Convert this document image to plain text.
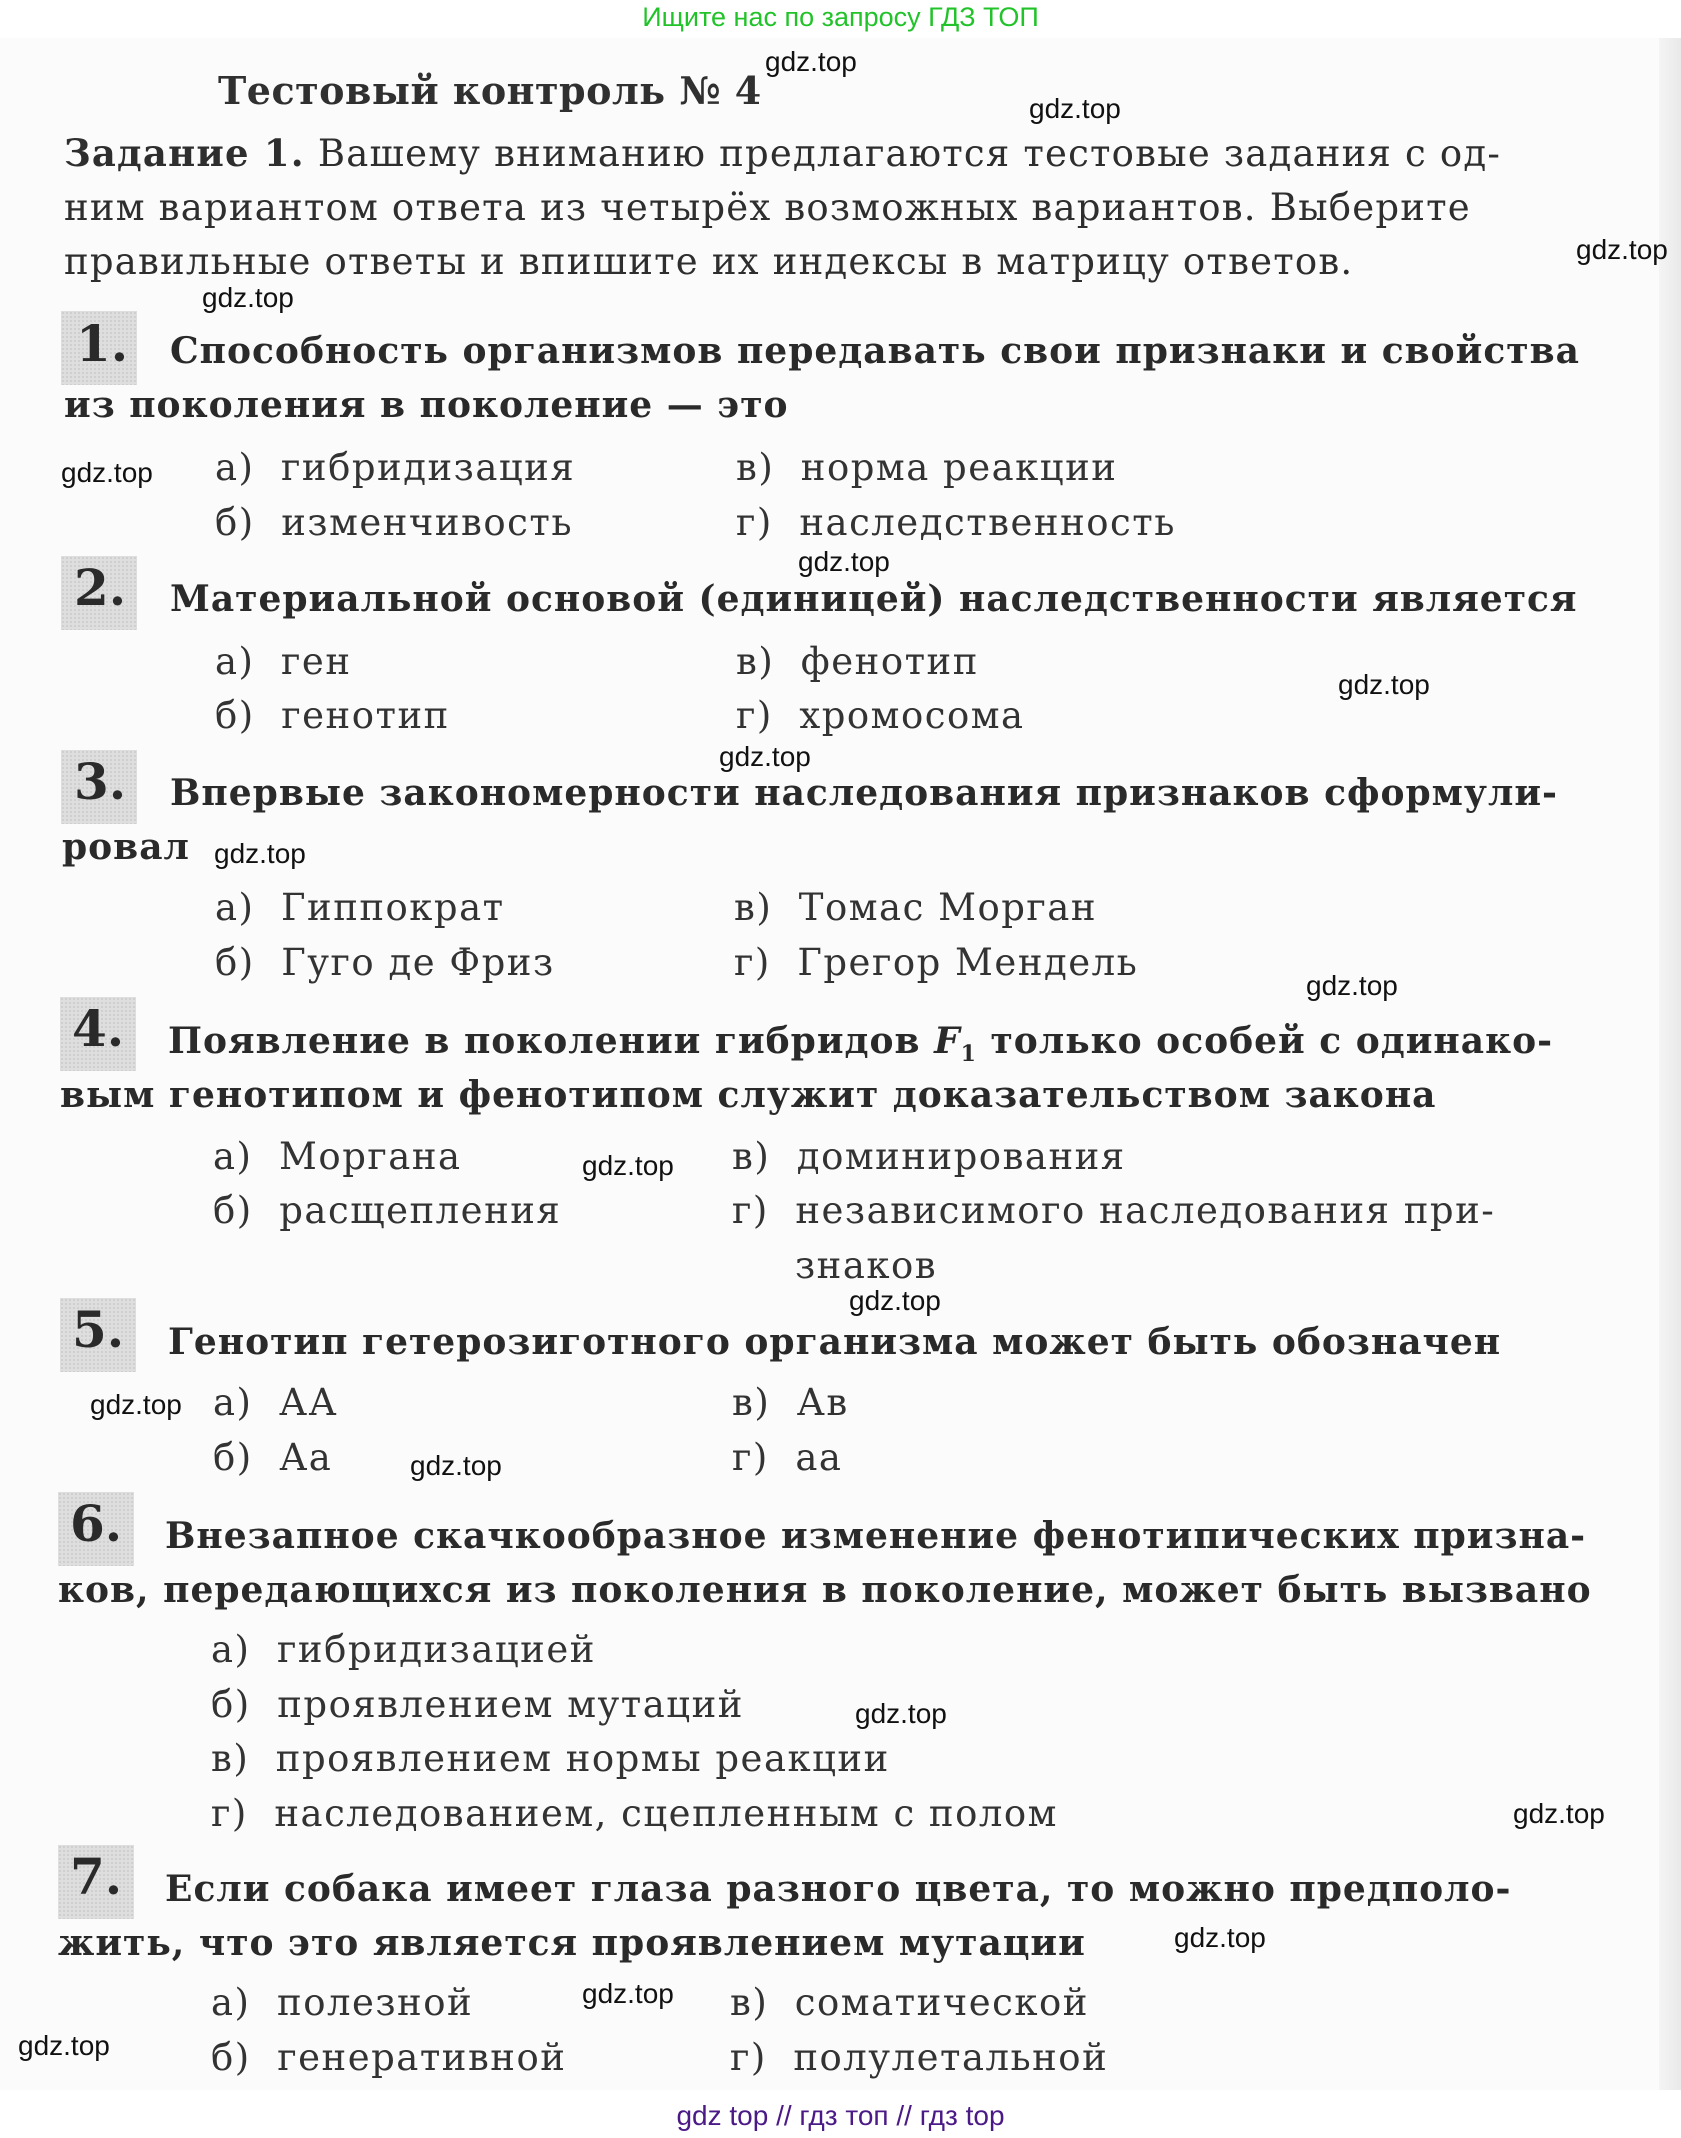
Ищите нас по запросу ГДЗ ТОП
Тестовый контроль № 4
Задание 1. Вашему вниманию предлагаются тестовые задания с од-
ним вариантом ответа из четырёх возможных вариантов. Выберите
правильные ответы и впишите их индексы в матрицу ответов.
1. Способность организмов передавать свои признаки и свойства
из поколения в поколение — это
а) гибридизация
б) изменчивость
в) норма реакции
г) наследственность
2. Материальной основой (единицей) наследственности является
а) ген
б) генотип
в) фенотип
г) хромосома
3. Впервые закономерности наследования признаков сформули-
ровал
а) Гиппократ
б) Гуго де Фриз
в) Томас Морган
г) Грегор Мендель
4. Появление в поколении гибридов $F_1$ только особей с одинако-
вым генотипом и фенотипом служит доказательством закона
а) Моргана
б) расщепления
в) доминирования
г) независимого наследования при-
знаков
5. Генотип гетерозиготного организма может быть обозначен
а) АА
б) Аа
в) Ав
г) аа
6. Внезапное скачкообразное изменение фенотипических призна-
ков, передающихся из поколения в поколение, может быть вызвано
а) гибридизацией
б) проявлением мутаций
в) проявлением нормы реакции
г) наследованием, сцепленным с полом
7. Если собака имеет глаза разного цвета, то можно предполо-
жить, что это является проявлением мутации
а) полезной
б) генеративной
в) соматической
г) полулетальной
gdz.top
gdz.top
gdz.top
gdz.top
gdz.top
gdz.top
gdz.top
gdz.top
gdz.top
gdz.top
gdz.top
gdz.top
gdz.top
gdz.top
gdz.top
gdz.top
gdz.top
gdz.top
gdz.top
gdz top // гдз топ // гдз top
